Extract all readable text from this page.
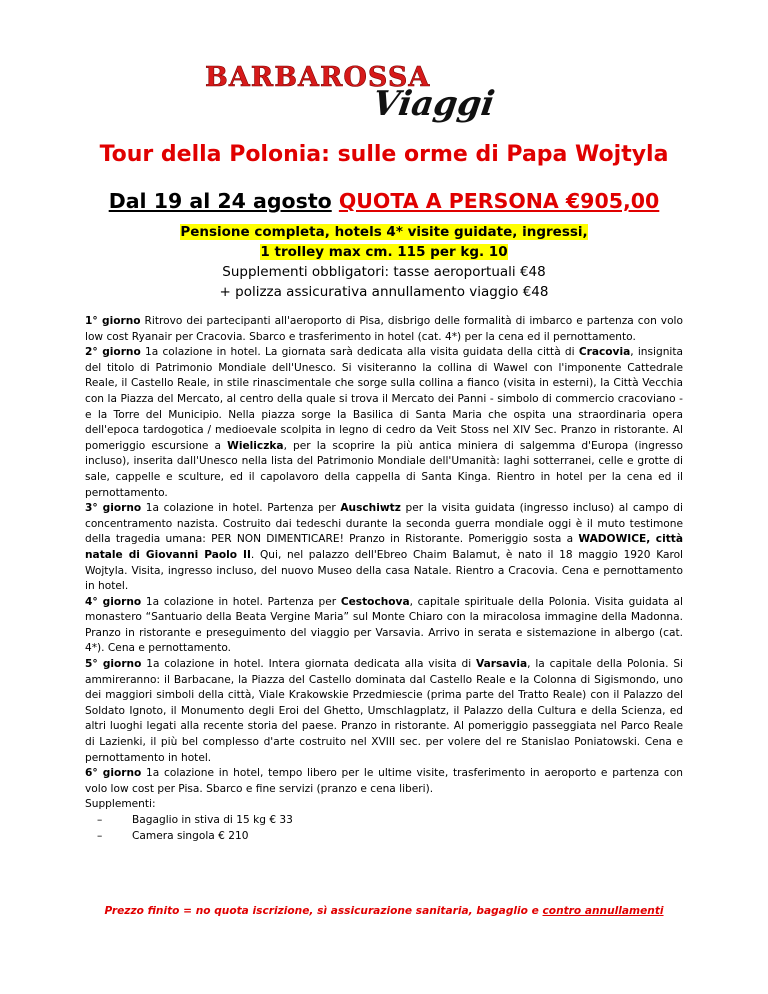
BARBAROSSA
Viaggi
Tour della Polonia: sulle orme di Papa Wojtyla
Dal 19 al 24 agosto QUOTA A PERSONA €905,00
Pensione completa, hotels 4* visite guidate, ingressi,
1 trolley max cm. 115 per kg. 10
Supplementi obbligatori: tasse aeroportuali €48
+ polizza assicurativa annullamento viaggio €48

1° giorno Ritrovo dei partecipanti all'aeroporto di Pisa, disbrigo delle formalità di imbarco e partenza con volo low cost Ryanair per Cracovia. Sbarco e trasferimento in hotel (cat. 4*) per la cena ed il pernottamento.

2° giorno 1a colazione in hotel. La giornata sarà dedicata alla visita guidata della città di Cracovia, insignita del titolo di Patrimonio Mondiale dell'Unesco. Si visiteranno la collina di Wawel con l'imponente Cattedrale Reale, il Castello Reale, in stile rinascimentale che sorge sulla collina a fianco (visita in esterni), la Città Vecchia con la Piazza del Mercato, al centro della quale si trova il Mercato dei Panni - simbolo di commercio cracoviano - e la Torre del Municipio. Nella piazza sorge la Basilica di Santa Maria che ospita una straordinaria opera dell'epoca tardogotica / medioevale scolpita in legno di cedro da Veit Stoss nel XIV Sec. Pranzo in ristorante. Al pomeriggio escursione a Wieliczka, per la scoprire la più antica miniera di salgemma d'Europa (ingresso incluso), inserita dall'Unesco nella lista del Patrimonio Mondiale dell'Umanità: laghi sotterranei, celle e grotte di sale, cappelle e sculture, ed il capolavoro della cappella di Santa Kinga. Rientro in hotel per la cena ed il pernottamento.

3° giorno 1a colazione in hotel. Partenza per Auschiwtz per la visita guidata (ingresso incluso) al campo di concentramento nazista. Costruito dai tedeschi durante la seconda guerra mondiale oggi è il muto testimone della tragedia umana: PER NON DIMENTICARE! Pranzo in Ristorante. Pomeriggio sosta a WADOWICE, città natale di Giovanni Paolo II. Qui, nel palazzo dell'Ebreo Chaim Balamut, è nato il 18 maggio 1920 Karol Wojtyla. Visita, ingresso incluso, del nuovo Museo della casa Natale. Rientro a Cracovia. Cena e pernottamento in hotel.

4° giorno 1a colazione in hotel. Partenza per Cestochova, capitale spirituale della Polonia. Visita guidata al monastero “Santuario della Beata Vergine Maria” sul Monte Chiaro con la miracolosa immagine della Madonna. Pranzo in ristorante e preseguimento del viaggio per Varsavia. Arrivo in serata e sistemazione in albergo (cat. 4*). Cena e pernottamento.

5° giorno 1a colazione in hotel. Intera giornata dedicata alla visita di Varsavia, la capitale della Polonia. Si ammireranno: il Barbacane, la Piazza del Castello dominata dal Castello Reale e la Colonna di Sigismondo, uno dei maggiori simboli della città, Viale Krakowskie Przedmiescie (prima parte del Tratto Reale) con il Palazzo del Soldato Ignoto, il Monumento degli Eroi del Ghetto, Umschlagplatz, il Palazzo della Cultura e della Scienza, ed altri luoghi legati alla recente storia del paese. Pranzo in ristorante. Al pomeriggio passeggiata nel Parco Reale di Lazienki, il più bel complesso d'arte costruito nel XVIII sec. per volere del re Stanislao Poniatowski. Cena e pernottamento in hotel.

6° giorno 1a colazione in hotel, tempo libero per le ultime visite, trasferimento in aeroporto e partenza con volo low cost per Pisa. Sbarco e fine servizi (pranzo e cena liberi).

Supplementi:

–	Bagaglio in stiva di 15 kg € 33
–	Camera singola € 210
Prezzo finito = no quota iscrizione, sì assicurazione sanitaria, bagaglio e contro annullamenti
